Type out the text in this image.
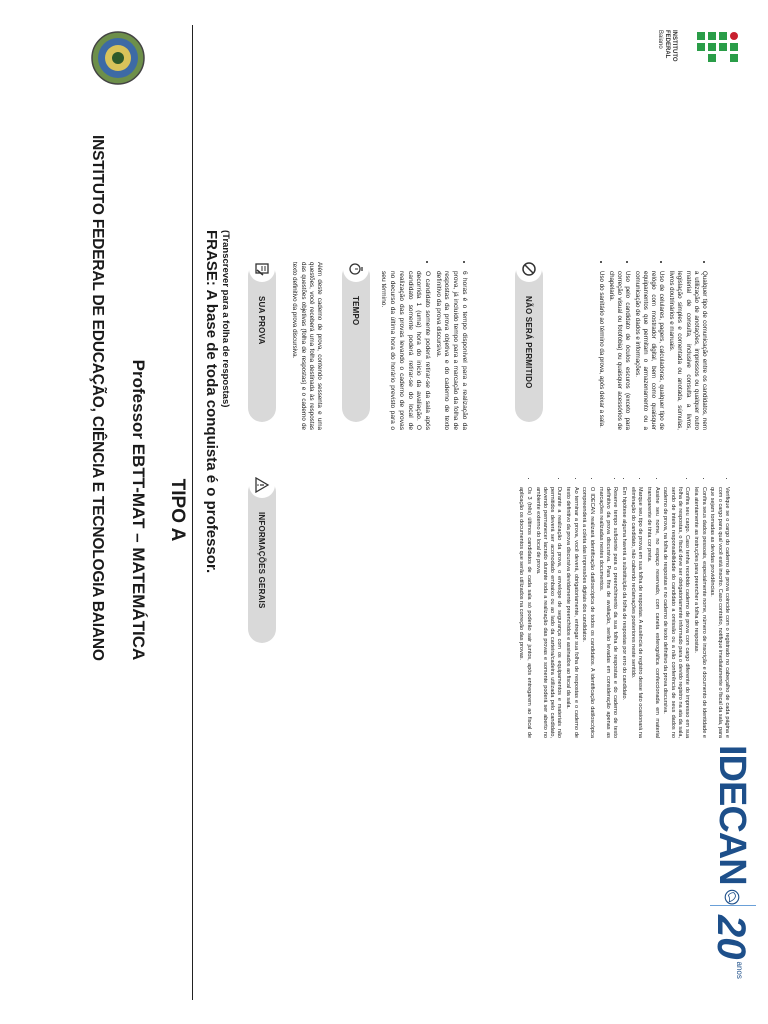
INSTITUTO
FEDERAL
Baiano
INSTITUTO FEDERAL DE EDUCAÇÃO, CIÊNCIA E TECNOLOGIA BAIANO Professor EBTT-MAT – MATEMÁTICA TIPO A FRASE: A base de toda conquista é o professor. (Transcrever para a folha de respostas)	SUA PROVA	Além deste caderno de prova, contendo sessenta e uma questões, você receberá uma folha destinada às respostas das questões objetivas (folha de respostas) e o caderno de texto definitivo da prova discursiva.	TEMPO	• 6 horas é o tempo disponível para a realização da prova, já incluído tempo para a marcação da folha de respostas da prova objetiva e do caderno de texto definitivo da prova discursiva.
• O candidato somente poderá retirar-se da sala após decorrida 1 (uma) hora do início da avaliação. O candidato somente poderá retirar-se do local de realização das provas levando o caderno de provas no decurso da última hora do horário previsto para o seu término.
NÃO SERÁ PERMITIDO	• Qualquer tipo de comunicação entre os candidatos, nem a utilização de anotações, impressos ou qualquer outro material de consulta, inclusive consulta a livros, legislação simples e comentada ou anotada, súmulas, livros doutrinários e manuais.
• Uso de celulares, pagers, calculadoras, qualquer tipo de relógio com mostrador digital, bem como quaisquer equipamentos que permitam o armazenamento ou a comunicação de dados e informações.
• Uso pelo candidato de óculos escuros (exceto para correção visual ou fotofobia) ou quaisquer acessórios de chapelaria.
• Uso do sanitário ao término da prova, após deixar a sala.
INFORMAÇÕES GERAIS	• Verifique se o cargo do caderno de prova coincide com o registrado no cabeçalho de cada página e com o cargo para qual você está inscrito. Caso contrário, notifique imediatamente o fiscal da sala, para que sejam tomadas as devidas providências.
• Confira seus dados pessoais, especialmente nome, número de inscrição e documento de identidade e leia atentamente as instruções para preencher a folha de respostas.
• Confira seu cargo. Caso tenha recebido caderno de prova com cargo diferente do impresso em sua folha de respostas, o fiscal deve ser obrigatoriamente informado para o devido registro na ata da sala, sendo de inteira responsabilidade do candidato a omissão ou a não conferência de seus dados no caderno de prova, na folha de respostas e no caderno de texto definitivo da prova discursiva.
• Assine seu nome, no espaço reservado, com caneta esferográfica confeccionada em material transparente de tinta cor preta.
• Marque seu tipo de prova em sua folha de respostas. A ausência de registro desse fato ocasionará na eliminação do candidato, não cabendo reclamações posteriores neste sentido.
• Em hipótese alguma haverá a substituição da folha de respostas por erro do candidato.
• Reserve tempo suficiente para o preenchimento da sua folha de respostas e do caderno de texto definitivo da prova discursiva. Para fins de avaliação, serão levadas em consideração apenas as marcações realizadas nestes documentos.
• O IDECAN realizará identificação datiloscópica de todos os candidatos. A identificação datiloscópica compreenderá a coleta das impressões digitais dos candidatos.
• Ao terminar a prova, você deverá, obrigatoriamente, entregar sua folha de respostas e o caderno de texto definitivo da prova discursiva devidamente preenchidos e assinados ao fiscal da sala.
• Durante a realização da prova, o envelope de segurança com os equipamentos e materiais não permitidos deverá ser acomodado embaixo ou ao lado da carteira/cadeira utilizada pelo candidato, devendo permanecer lacrado durante toda a realização das provas e somente poderá ser aberto no ambiente externo do local de prova.
• Os 3 (três) últimos candidatos de cada sala só poderão sair juntos, após entregarem ao fiscal de aplicação os documentos que serão utilizados na correção das provas.
IDECAN
20
anos
